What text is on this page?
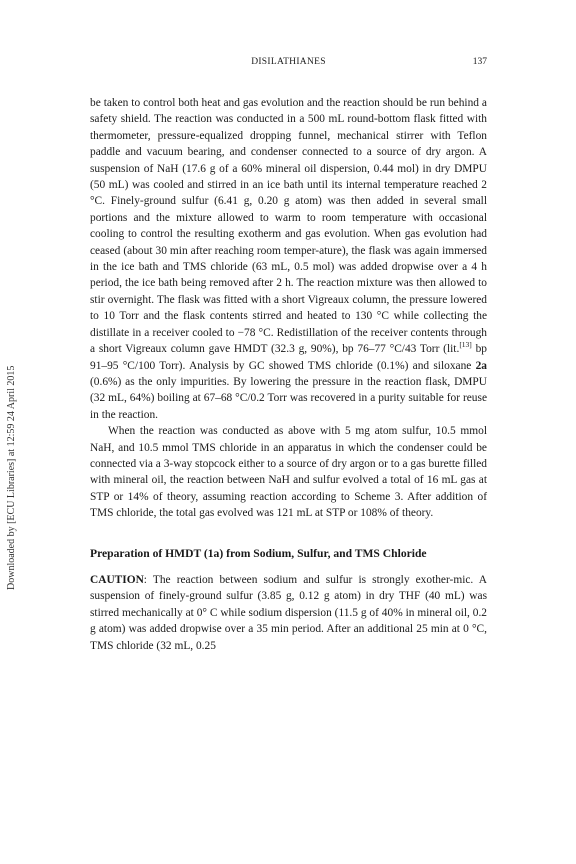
DISILATHIANES	137
Downloaded by [ECU Libraries] at 12:59 24 April 2015

be taken to control both heat and gas evolution and the reaction should be run behind a safety shield. The reaction was conducted in a 500 mL round-bottom flask fitted with thermometer, pressure-equalized dropping funnel, mechanical stirrer with Teflon paddle and vacuum bearing, and condenser connected to a source of dry argon. A suspension of NaH (17.6 g of a 60% mineral oil dispersion, 0.44 mol) in dry DMPU (50 mL) was cooled and stirred in an ice bath until its internal temperature reached 2 °C. Finely-ground sulfur (6.41 g, 0.20 g atom) was then added in several small portions and the mixture allowed to warm to room temperature with occasional cooling to control the resulting exotherm and gas evolution. When gas evolution had ceased (about 30 min after reaching room temper-ature), the flask was again immersed in the ice bath and TMS chloride (63 mL, 0.5 mol) was added dropwise over a 4 h period, the ice bath being removed after 2 h. The reaction mixture was then allowed to stir overnight. The flask was fitted with a short Vigreaux column, the pressure lowered to 10 Torr and the flask contents stirred and heated to 130 °C while collecting the distillate in a receiver cooled to −78 °C. Redistillation of the receiver contents through a short Vigreaux column gave HMDT (32.3 g, 90%), bp 76–77 °C/43 Torr (lit.[13] bp 91–95 °C/100 Torr). Analysis by GC showed TMS chloride (0.1%) and siloxane 2a (0.6%) as the only impurities. By lowering the pressure in the reaction flask, DMPU (32 mL, 64%) boiling at 67–68 °C/0.2 Torr was recovered in a purity suitable for reuse in the reaction.

When the reaction was conducted as above with 5 mg atom sulfur, 10.5 mmol NaH, and 10.5 mmol TMS chloride in an apparatus in which the condenser could be connected via a 3-way stopcock either to a source of dry argon or to a gas burette filled with mineral oil, the reaction between NaH and sulfur evolved a total of 16 mL gas at STP or 14% of theory, assuming reaction according to Scheme 3. After addition of TMS chloride, the total gas evolved was 121 mL at STP or 108% of theory.

Preparation of HMDT (1a) from Sodium, Sulfur, and TMS Chloride

CAUTION: The reaction between sodium and sulfur is strongly exother-mic. A suspension of finely-ground sulfur (3.85 g, 0.12 g atom) in dry THF (40 mL) was stirred mechanically at 0° C while sodium dispersion (11.5 g of 40% in mineral oil, 0.2 g atom) was added dropwise over a 35 min period. After an additional 25 min at 0 °C, TMS chloride (32 mL, 0.25
